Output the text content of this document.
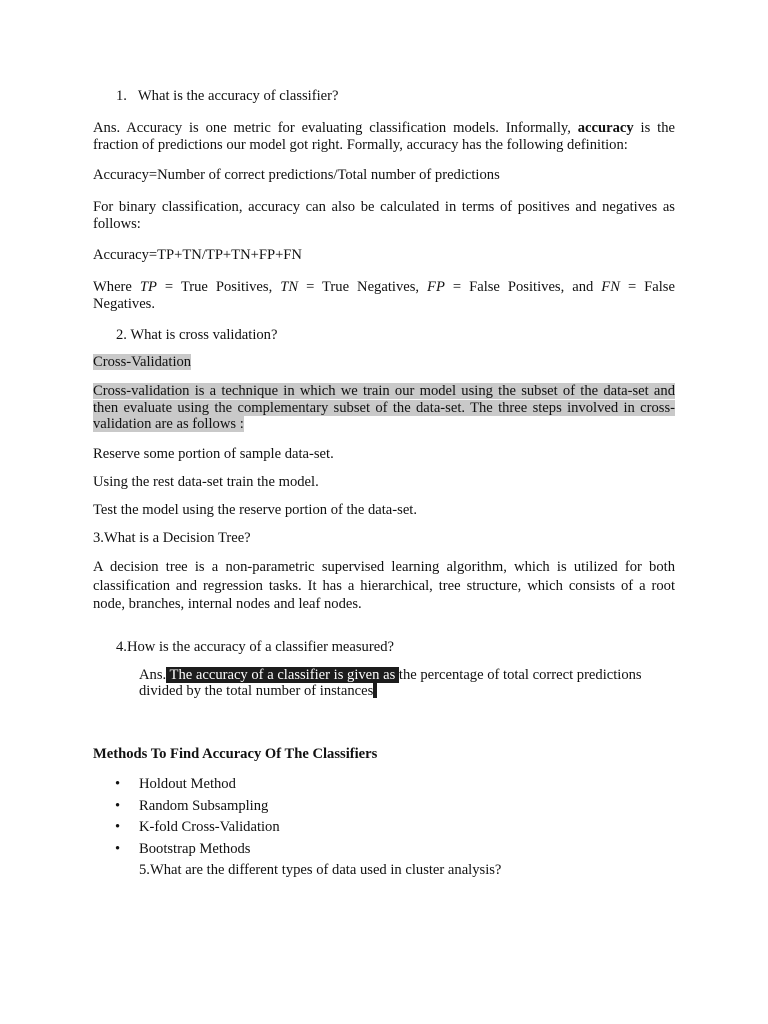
1. What is the accuracy of classifier?
Ans. Accuracy is one metric for evaluating classification models. Informally, accuracy is the fraction of predictions our model got right. Formally, accuracy has the following definition:
Accuracy=Number of correct predictions/Total number of predictions
For binary classification, accuracy can also be calculated in terms of positives and negatives as follows:
Accuracy=TP+TN/TP+TN+FP+FN
Where TP = True Positives, TN = True Negatives, FP = False Positives, and FN = False Negatives.
2. What is cross validation?
Cross-Validation
Cross-validation is a technique in which we train our model using the subset of the data-set and then evaluate using the complementary subset of the data-set. The three steps involved in cross-validation are as follows :
Reserve some portion of sample data-set.
Using the rest data-set train the model.
Test the model using the reserve portion of the data-set.
3.What is a Decision Tree?
A decision tree is a non-parametric supervised learning algorithm, which is utilized for both classification and regression tasks. It has a hierarchical, tree structure, which consists of a root node, branches, internal nodes and leaf nodes.
4.How is the accuracy of a classifier measured?
Ans. The accuracy of a classifier is given as the percentage of total correct predictions
divided by the total number of instances
Methods To Find Accuracy Of The Classifiers
• Holdout Method
• Random Subsampling
• K-fold Cross-Validation
• Bootstrap Methods
5.What are the different types of data used in cluster analysis?
